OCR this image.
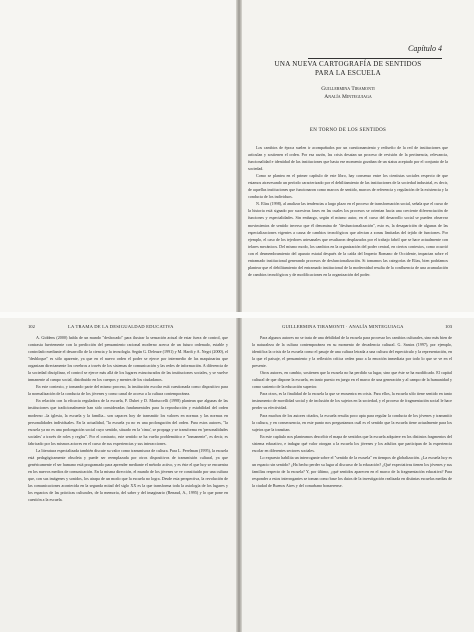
Capítulo 4
UNA NUEVA CARTOGRAFÍA DE SENTIDOS
PARA LA ESCUELA
Guillermina Tiramonti
Analía Minteguiaga
EN TORNO DE LOS SENTIDOS

Los cambios de época suelen ir acompañados por un cuestionamiento y redisefio de la red de instituciones que articulan y sostienen el orden. Por esa razón, las crisis desatan un proceso de revisión de la pertinencia, relevancia, funcionalidad e identidad de las instituciones que hasta ese momento gozaban de un status aceptado por el conjunto de la sociedad.

Como se plantea en el primer capítulo de este libro, hay consenso entre los cientistas sociales respecto de que estamos atravesando un período caracterizado por el debilitamiento de las instituciones de la sociedad industrial, es decir, de aquellas instituciones que funcionaron como marcos de sentido, marcos de referencia y regulación de la existencia y la conducta de los individuos.

N. Elias (1998), al analizar las tendencias a largo plazo en el proceso de transformación social, señala que el curso de la historia está signado por sucesivas fases en las cuales los procesos se orientan hacia una creciente diferenciación de funciones y especialidades. Sin embargo, según el mismo autor, en el curso del desarrollo social se pueden observar movimientos de sentido inverso que él denomina de "desfuncionalización", esto es, la desaparición de algunas de las especializaciones vigentes a causa de cambios tecnológicos que afectan a zonas limitadas del tejido de funciones. Por ejemplo, el caso de los tejedores artesanales que resultaron desplazados por el trabajo fabril que se hace actualmente con telares mecánicos. Del mismo modo, los cambios en la organización del poder central, en ciertos contextos, como ocurrió con el desmembramiento del aparato estatal después de la caída del Imperio Romano de Occidente, impactan sobre el entramado institucional generando procesos de desfuncionalización. Si tomamos las categorías de Elias, bien podríamos plantear que el debilitamiento del entramado institucional de la modernidad resulta de la confluencia de una acumulación de cambios tecnológicos y de modificaciones en la organización del poder.

102	LA TRAMA DE LA DESIGUALDAD EDUCATIVA

A. Giddens (2000) habla de un mundo "desbocado" para ilustrar la sensación actual de estar fuera de control, que contrasta fuertemente con la predicción del pensamiento racional moderno acerca de un futuro ordenado, estable y controlado mediante el desarrollo de la ciencia y la tecnología. Según G. Deleuze (1991) y M. Hardt y A. Negri (2000), el "desbloque" es sólo aparente, ya que en el nuevo orden el poder se ejerce por intermedio de las maquinarias que organizan directamente los cerebros a través de los sistemas de comunicación y las redes de información. A diferencia de la sociedad disciplinar, el control se ejerce más allá de los lugares estructurados de las instituciones sociales, y se vuelve inmanente al campo social, distribuido en los cuerpos y mentes de los ciudadanos.

En este contexto, y tomando parte del mismo proceso, la institución escolar está cuestionada como dispositivo para la normalización de la conducta de los jóvenes y como canal de acceso a la cultura contemporánea.

En relación con la eficacia reguladora de la escuela, F. Dubet y D. Martuccelli (1998) plantean que algunas de las instituciones que tradicionalmente han sido consideradas fundamentales para la reproducción y estabilidad del orden moderno –la iglesia, la escuela y la familia– son capaces hoy de transmitir los valores en normas y las normas en personalidades individuales. En la actualidad, "la escuela ya no es una prolongación del orden. Para estos autores, "la escuela ya no es una prolongación social cuyo sentido, situado en la 'cima', se propaga y se transforma en 'personalidades sociales' a través de roles y reglas". Por el contrario, este sentido se ha vuelto problemático e "inmanente", es decir, es fabricado por los mismos actores en el curso de sus experiencias y sus interacciones.

La literatura especializada también discute su valor como transmisora de cultura. Para L. Perelman (1995), la escuela está pedagógicamente obsoleta y puede ser reemplazada por otros dispositivos de transmisión cultural, ya que genéricamente el ser humano está programado para aprender mediante el método activo, y es éste el que hoy se encuentra en los nuevos medios de comunicación. En la misma dirección, el mundo de los jóvenes se ve constituido por una cultura que, con sus imágenes y sonidos, los atrapa de un modo que la escuela no logra. Desde esta perspectiva, la revolución de las comunicaciones acontecida en la segunda mitad del siglo XX es la que transforma toda la axiología de los lugares y los espacios de las prácticas culturales, de la memoria, del saber y del imaginario (Renaud, A., 1995) y lo que pone en cuestión a la escuela.

GUILLERMINA TIRAMONTI · ANALÍA MINTEGUIAGA	103

Para algunos autores no se trata de una debilidad de la escuela para procesar los cambios culturales, sino más bien de la naturaleza de la cultura contemporánea en su momento de decadencia cultural. G. Santos (1997), por ejemplo, identifica la crisis de la escuela como el pasaje de una cultura letrada a una cultura del espectáculo y la representación, en la que el paisaje, el pensamiento y la reflexión crítica ceden paso a la emoción inmediata por todo lo que se ve en el presente.

Otros autores, en cambio, sostienen que la escuela no ha perdido su lugar, sino que éste se ha modificado. El capital cultural de que dispone la escuela, en tanto puesto en juego en el marco de una generación y al campo de la humanidad y como sustento de la educación superior.

Para otros, es la finalidad de la escuela la que se encuentra en crisis. Para ellos, la escuela sólo tiene sentido en tanto instrumento de movilidad social y de inclusión de los sujetos en la sociedad, y el proceso de fragmentación social le hace perder su efectividad.

Para muchos de los autores citados, la escuela resulta poco apta para regular la conducta de los jóvenes y transmitir la cultura, y en consecuencia, en este punto nos preguntamos cuál es el sentido que la escuela tiene actualmente para los sujetos que la transitan.

En este capítulo nos planteamos describir el mapa de sentidos que la escuela adquiere en los distintos fragmentos del sistema educativo, e indagar qué valor otorgan a la escuela los jóvenes y los adultos que participan de la experiencia escolar en diferentes sectores sociales.

Lo expuesto habilita un interrogante sobre el "sentido de la escuela" en tiempos de globalización. ¿La escuela hoy es un espacio sin sentido? ¿Ha hecho perder su lugar al discurso de la educación? ¿Qué expectativas tienen los jóvenes y sus familias respecto de la escuela? Y, por último, ¿qué sentidos aparecen en el marco de la fragmentación educativa? Para responder a estos interrogantes se toman como base los datos de la investigación realizada en distintas escuelas medias de la ciudad de Buenos Aires y del conurbano bonaerense.
